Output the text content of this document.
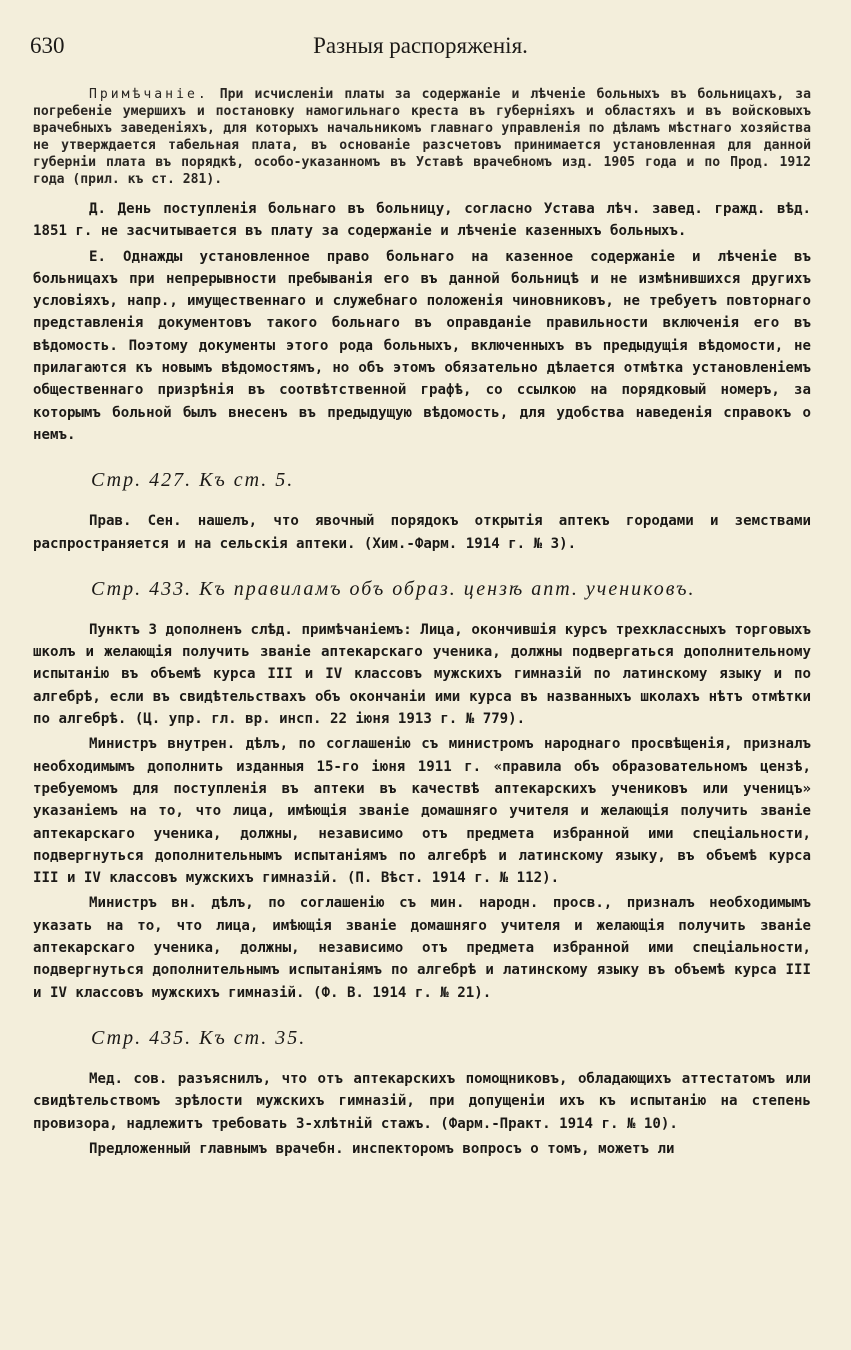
630	Разныя распоряженія.

Примѣчаніе. При исчисленіи платы за содержаніе и лѣченіе больныхъ въ больницахъ, за погребеніе умершихъ и постановку намогильнаго креста въ губерніяхъ и областяхъ и въ войсковыхъ врачебныхъ заведеніяхъ, для которыхъ начальникомъ главнаго управленія по дѣламъ мѣстнаго хозяйства не утверждается табельная плата, въ основаніе разсчетовъ принимается установленная для данной губерніи плата въ порядкѣ, особо-указанномъ въ Уставѣ врачебномъ изд. 1905 года и по Прод. 1912 года (прил. къ ст. 281).

Д. День поступленія больнаго въ больницу, согласно Устава лѣч. завед. гражд. вѣд. 1851 г. не засчитывается въ плату за содержаніе и лѣченіе казенныхъ больныхъ.

Е. Однажды установленное право больнаго на казенное содержаніе и лѣченіе въ больницахъ при непрерывности пребыванія его въ данной больницѣ и не измѣнившихся другихъ условіяхъ, напр., имущественнаго и служебнаго положенія чиновниковъ, не требуетъ повторнаго представленія документовъ такого больнаго въ оправданіе правильности включенія его въ вѣдомость. Поэтому документы этого рода больныхъ, включенныхъ въ предыдущія вѣдомости, не прилагаются къ новымъ вѣдомостямъ, но объ этомъ обязательно дѣлается отмѣтка установленіемъ общественнаго призрѣнія въ соотвѣтственной графѣ, со ссылкою на порядковый номеръ, за которымъ больной былъ внесенъ въ предыдущую вѣдомость, для удобства наведенія справокъ о немъ.

Стр. 427. Къ ст. 5.

Прав. Сен. нашелъ, что явочный порядокъ открытія аптекъ городами и земствами распространяется и на сельскія аптеки. (Хим.-Фарм. 1914 г. № 3).

Стр. 433. Къ правиламъ объ образ. цензѣ апт. учениковъ.

Пунктъ 3 дополненъ слѣд. примѣчаніемъ: Лица, окончившія курсъ трехклассныхъ торговыхъ школъ и желающія получить званіе аптекарскаго ученика, должны подвергаться дополнительному испытанію въ объемѣ курса III и IV классовъ мужскихъ гимназій по латинскому языку и по алгебрѣ, если въ свидѣтельствахъ объ окончаніи ими курса въ названныхъ школахъ нѣтъ отмѣтки по алгебрѣ. (Ц. упр. гл. вр. инсп. 22 іюня 1913 г. № 779).

Министръ внутрен. дѣлъ, по соглашенію съ министромъ народнаго просвѣщенія, призналъ необходимымъ дополнить изданныя 15-го іюня 1911 г. «правила объ образовательномъ цензѣ, требуемомъ для поступленія въ аптеки въ качествѣ аптекарскихъ учениковъ или ученицъ» указаніемъ на то, что лица, имѣющія званіе домашняго учителя и желающія получить званіе аптекарскаго ученика, должны, независимо отъ предмета избранной ими спеціальности, подвергнуться дополнительнымъ испытаніямъ по алгебрѣ и латинскому языку, въ объемѣ курса III и IV классовъ мужскихъ гимназій. (П. Вѣст. 1914 г. № 112).

Министръ вн. дѣлъ, по соглашенію съ мин. народн. просв., призналъ необходимымъ указать на то, что лица, имѣющія званіе домашняго учителя и желающія получить званіе аптекарскаго ученика, должны, независимо отъ предмета избранной ими спеціальности, подвергнуться дополнительнымъ испытаніямъ по алгебрѣ и латинскому языку въ объемѣ курса III и IV классовъ мужскихъ гимназій. (Ф. В. 1914 г. № 21).

Стр. 435. Къ ст. 35.

Мед. сов. разъяснилъ, что отъ аптекарскихъ помощниковъ, обладающихъ аттестатомъ или свидѣтельствомъ зрѣлости мужскихъ гимназій, при допущеніи ихъ къ испытанію на степень провизора, надлежитъ требовать 3-хлѣтній стажъ. (Фарм.-Практ. 1914 г. № 10).

Предложенный главнымъ врачебн. инспекторомъ вопросъ о томъ, можетъ ли
